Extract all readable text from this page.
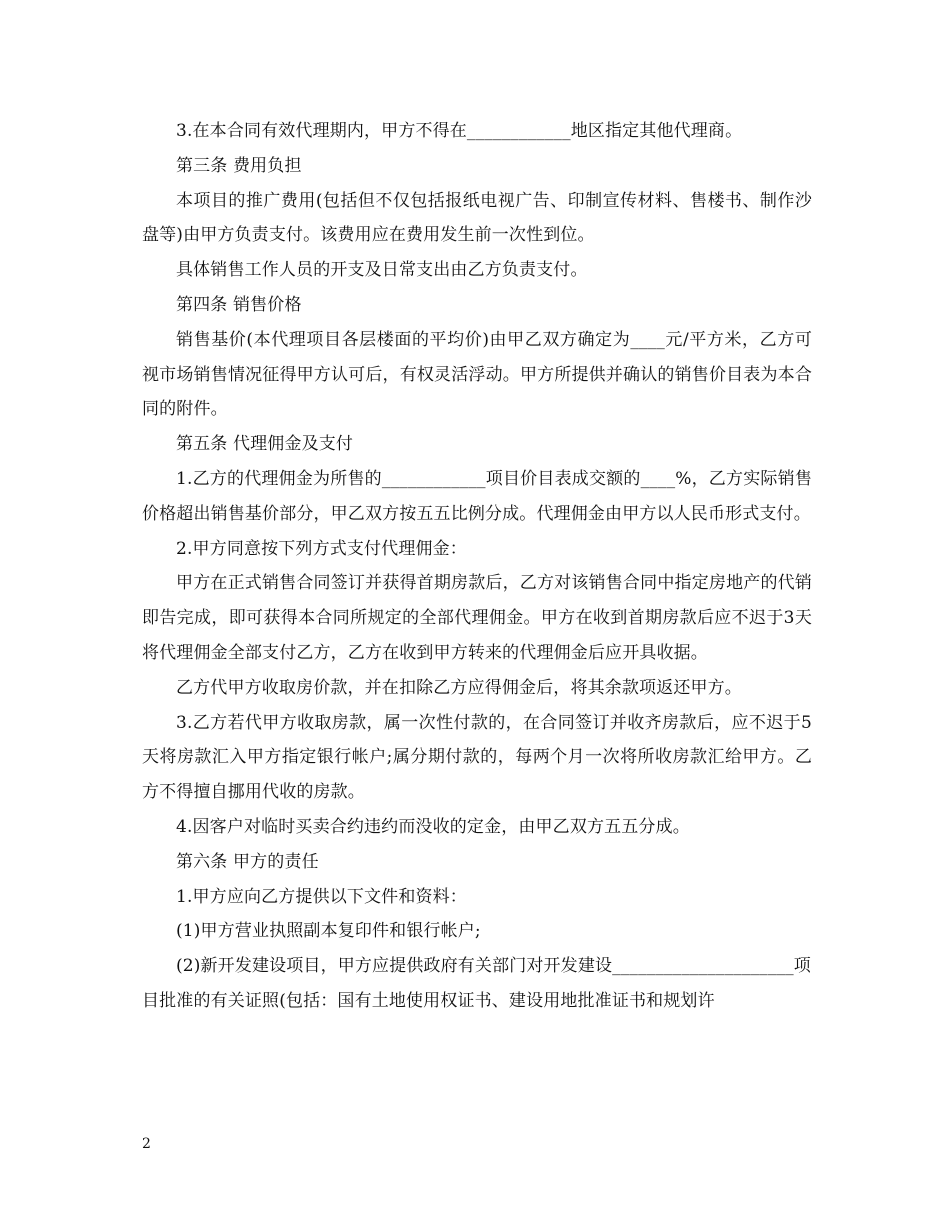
3.在本合同有效代理期内，甲方不得在____________地区指定其他代理商。

第三条 费用负担

本项目的推广费用(包括但不仅包括报纸电视广告、印制宣传材料、售楼书、制作沙盘等)由甲方负责支付。该费用应在费用发生前一次性到位。

具体销售工作人员的开支及日常支出由乙方负责支付。

第四条 销售价格

销售基价(本代理项目各层楼面的平均价)由甲乙双方确定为____元/平方米，乙方可视市场销售情况征得甲方认可后，有权灵活浮动。甲方所提供并确认的销售价目表为本合同的附件。

第五条 代理佣金及支付

1.乙方的代理佣金为所售的____________项目价目表成交额的____%，乙方实际销售价格超出销售基价部分，甲乙双方按五五比例分成。代理佣金由甲方以人民币形式支付。

2.甲方同意按下列方式支付代理佣金：

甲方在正式销售合同签订并获得首期房款后，乙方对该销售合同中指定房地产的代销即告完成，即可获得本合同所规定的全部代理佣金。甲方在收到首期房款后应不迟于3天将代理佣金全部支付乙方，乙方在收到甲方转来的代理佣金后应开具收据。

乙方代甲方收取房价款，并在扣除乙方应得佣金后，将其余款项返还甲方。

3.乙方若代甲方收取房款，属一次性付款的，在合同签订并收齐房款后，应不迟于5天将房款汇入甲方指定银行帐户;属分期付款的，每两个月一次将所收房款汇给甲方。乙方不得擅自挪用代收的房款。

4.因客户对临时买卖合约违约而没收的定金，由甲乙双方五五分成。

第六条 甲方的责任

1.甲方应向乙方提供以下文件和资料：

(1)甲方营业执照副本复印件和银行帐户;

(2)新开发建设项目，甲方应提供政府有关部门对开发建设_____________________项目批准的有关证照(包括：国有土地使用权证书、建设用地批准证书和规划许

2
